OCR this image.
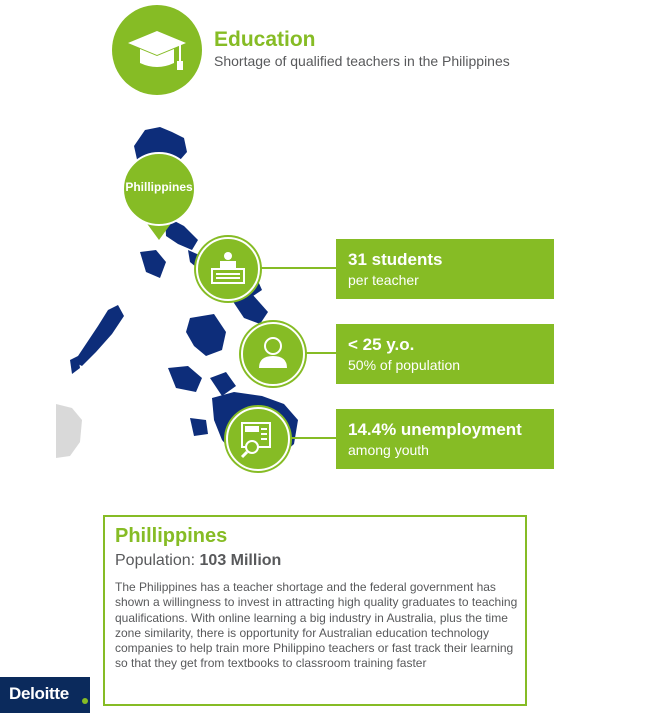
Education
Shortage of qualified teachers in the Philippines
Phillippines
31 students
per teacher
< 25 y.o.
50% of population
14.4% unemployment
among youth
Phillippines
Population: 103 Million
The Philippines has a teacher shortage and the federal government has shown a willingness to invest in attracting high quality graduates to teaching qualifications. With online learning a big industry in Australia, plus the time zone similarity, there is opportunity for Australian education technology companies to help train more Philippino teachers or fast track their learning so that they get from textbooks to classroom training faster
Deloitte
